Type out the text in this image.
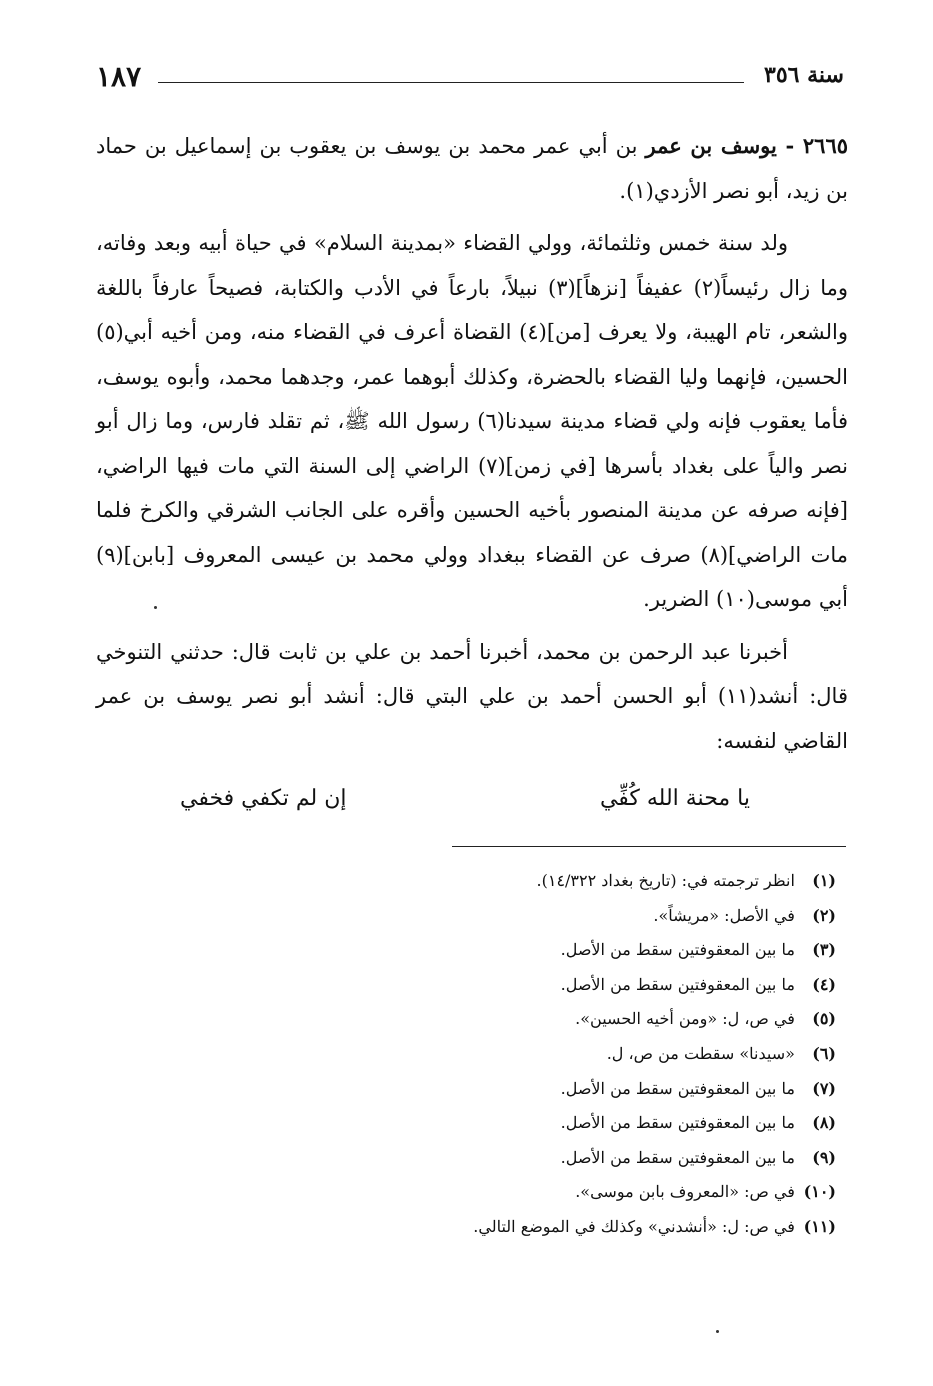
١٨٧	سنة ٣٥٦

٢٦٦٥ - يوسف بن عمر بن أبي عمر محمد بن يوسف بن يعقوب بن إسماعيل بن حماد بن زيد، أبو نصر الأزدي(١).

ولد سنة خمس وثلثمائة، وولي القضاء «بمدينة السلام» في حياة أبيه وبعد وفاته، وما زال رئيساً(٢) عفيفاً [نزهاً](٣) نبيلاً، بارعاً في الأدب والكتابة، فصيحاً عارفاً باللغة والشعر، تام الهيبة، ولا يعرف [من](٤) القضاة أعرف في القضاء منه، ومن أخيه أبي(٥) الحسين، فإنهما وليا القضاء بالحضرة، وكذلك أبوهما عمر، وجدهما محمد، وأبوه يوسف، فأما يعقوب فإنه ولي قضاء مدينة سيدنا(٦) رسول الله ﷺ، ثم تقلد فارس، وما زال أبو نصر والياً على بغداد بأسرها [في زمن](٧) الراضي إلى السنة التي مات فيها الراضي، [فإنه صرفه عن مدينة المنصور بأخيه الحسين وأقره على الجانب الشرقي والكرخ فلما مات الراضي](٨) صرف عن القضاء ببغداد وولي محمد بن عيسى المعروف [بابن](٩) أبي موسى(١٠) الضرير.

أخبرنا عبد الرحمن بن محمد، أخبرنا أحمد بن علي بن ثابت قال: حدثني التنوخي قال: أنشد(١١) أبو الحسن أحمد بن علي البتي قال: أنشد أبو نصر يوسف بن عمر القاضي لنفسه:

يا محنة الله كُفِّي
إن لم تكفي فخفي
(١) انظر ترجمته في: (تاريخ بغداد ١٤/٣٢٢).
(٢) في الأصل: «مريشاً».
(٣) ما بين المعقوفتين سقط من الأصل.
(٤) ما بين المعقوفتين سقط من الأصل.
(٥) في ص، ل: «ومن أخيه الحسين».
(٦) «سيدنا» سقطت من ص، ل.
(٧) ما بين المعقوفتين سقط من الأصل.
(٨) ما بين المعقوفتين سقط من الأصل.
(٩) ما بين المعقوفتين سقط من الأصل.
(١٠) في ص: «المعروف بابن موسى».
(١١) في ص: ل: «أنشدني» وكذلك في الموضع التالي.
